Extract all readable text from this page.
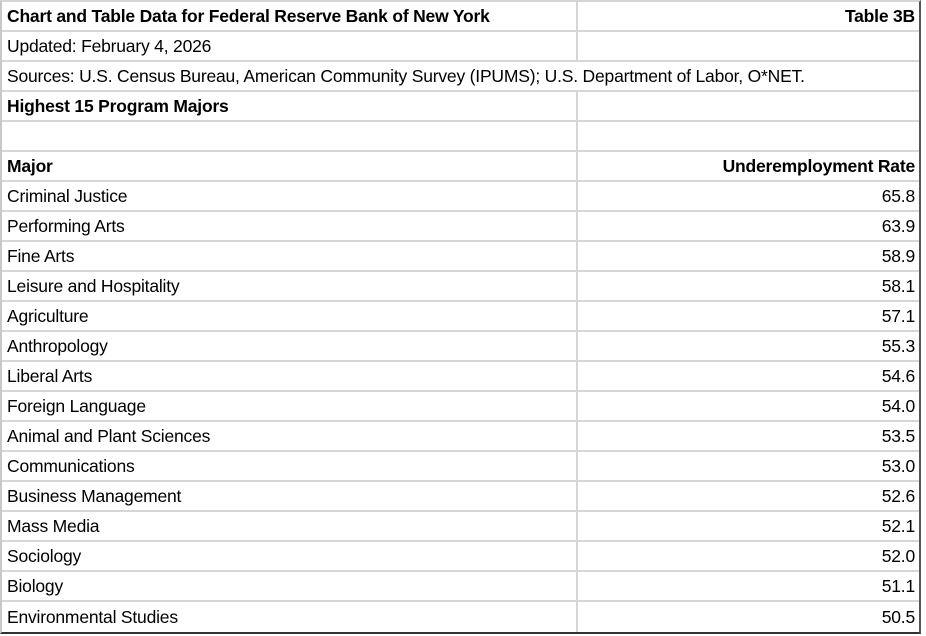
Chart and Table Data for Federal Reserve Bank of New York	Table 3B
Updated: February 4, 2026
Sources: U.S. Census Bureau, American Community Survey (IPUMS); U.S. Department of Labor, O*NET.
Highest 15 Program Majors
Major	Underemployment Rate
Criminal Justice	65.8
Performing Arts	63.9
Fine Arts	58.9
Leisure and Hospitality	58.1
Agriculture	57.1
Anthropology	55.3
Liberal Arts	54.6
Foreign Language	54.0
Animal and Plant Sciences	53.5
Communications	53.0
Business Management	52.6
Mass Media	52.1
Sociology	52.0
Biology	51.1
Environmental Studies	50.5
